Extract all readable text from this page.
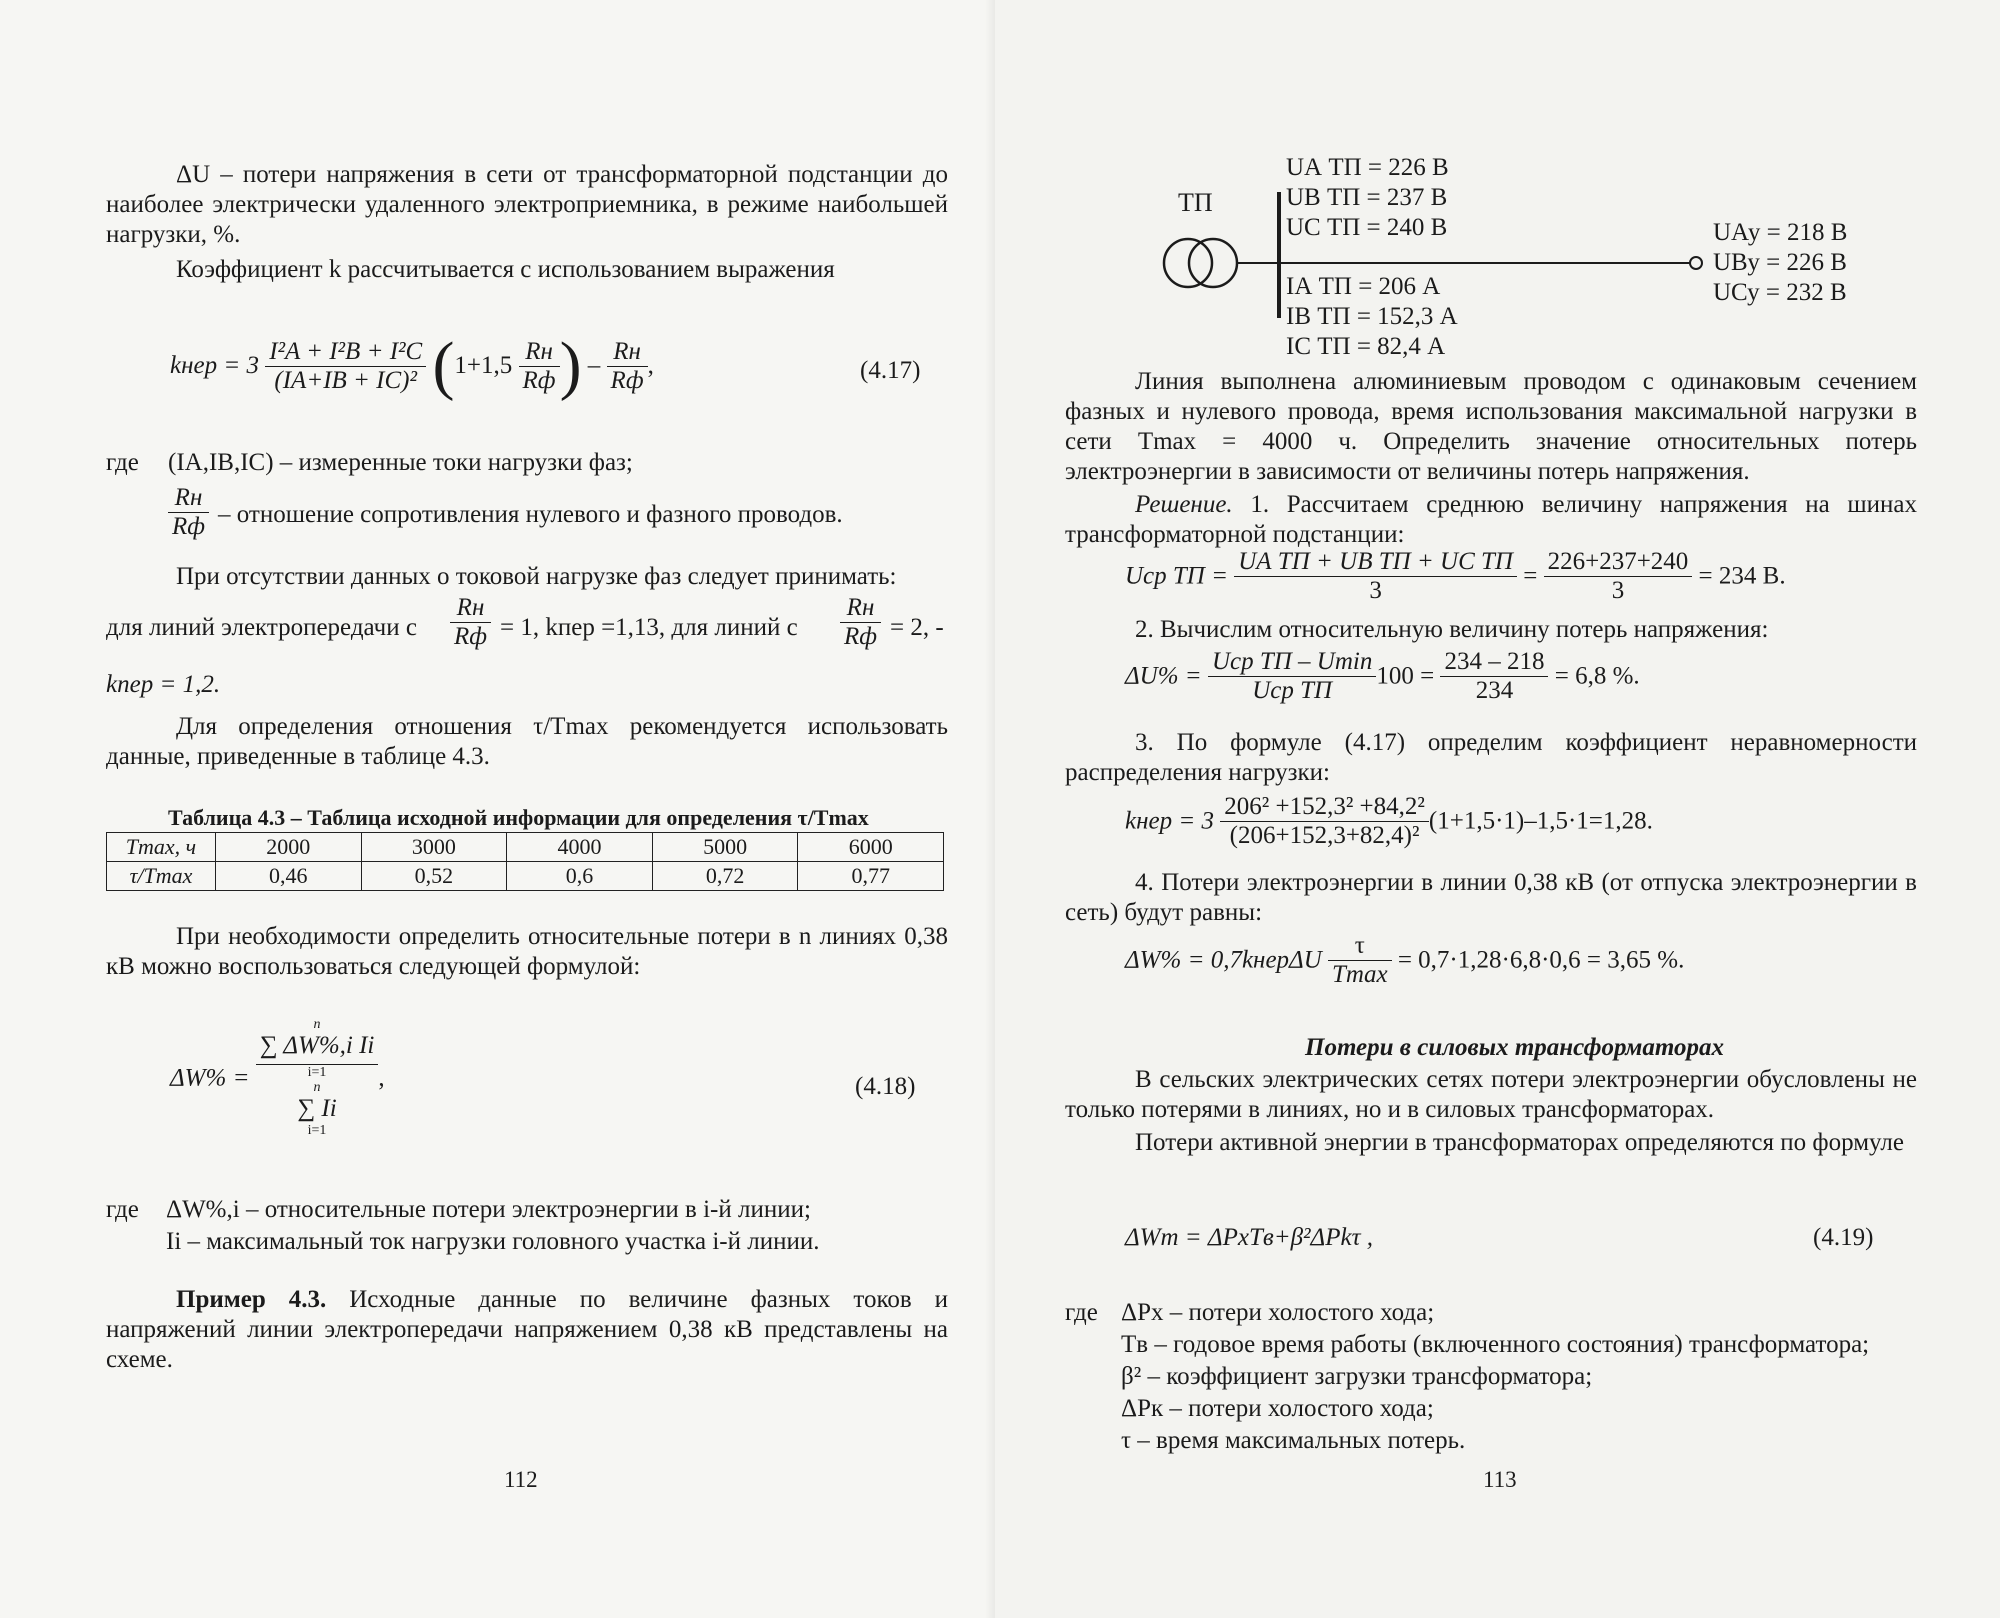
ΔU – потери напряжения в сети от трансформаторной подстанции до наиболее электрически удаленного электроприемника, в режиме наибольшей нагрузки, %.
Коэффициент k рассчитывается с использованием выражения
kнер = $3 \frac{\text{I²A + I²B + I²C}}{\text{(IA+IB + IC)²}} (1+1,5 \frac{Rн}{Rф}$ ) – $\frac{Rн}{Rф}$ ,	(4.17)
где (IA,IB,IC) – измеренные токи нагрузки фаз;
$\frac{Rн}{Rф}$ – отношение сопротивления нулевого и фазного проводов.
При отсутствии данных о токовой нагрузке фаз следует принимать:
для линий электропередачи с $\frac{Rн}{Rф} = 1$, kпер =1,13, для линий с $\frac{Rн}{Rф} = 2$, -
kпер = 1,2.
Для определения отношения τ/Tmax рекомендуется использовать данные, приведенные в таблице 4.3.
Таблица 4.3 – Таблица исходной информации для определения τ/Tmax
Tmax, ч	2000	3000	4000	5000	6000
τ/Tmax	0,46	0,52	0,6	0,72	0,77
При необходимости определить относительные потери в n линиях 0,38 кВ можно воспользоваться следующей формулой:
ΔW% =
n
∑ ΔW%,i Ii
i=1
n
∑ Ii
i=1
,	(4.18)
где ΔW%,i – относительные потери электроэнергии в i-й линии;
Ii – максимальный ток нагрузки головного участка i-й линии.
Пример 4.3. Исходные данные по величине фазных токов и напряжений линии электропередачи напряжением 0,38 кВ представлены на схеме.
112
ТП
UА ТП = 226 В
UВ ТП = 237 В
UС ТП = 240 В
IА ТП = 206 А
IВ ТП = 152,3 А
IС ТП = 82,4 А
UАу = 218 В
UВу = 226 В
UСу = 232 В
Линия выполнена алюминиевым проводом с одинаковым сечением фазных и нулевого провода, время использования максимальной нагрузки в сети Tmax = 4000 ч. Определить значение относительных потерь электроэнергии в зависимости от величины потерь напряжения.
Решение. 1. Рассчитаем среднюю величину напряжения на шинах трансформаторной подстанции:
Uср ТП = $\frac{\text{UА ТП + UВ ТП + UС ТП}}{3} = \frac{226+237+240}{3} = 234$ В.
2. Вычислим относительную величину потерь напряжения:
$\Delta U\% = \frac{\text{Uср ТП – Umin}}{\text{Uср ТП}} 100 = \frac{234 - 218}{234} = 6,8$ %.
3. По формуле (4.17) определим коэффициент неравномерности распределения нагрузки:
kнер = $3 \frac{\text{206² +152,3² +84,2²}}{\text{(206+152,3+82,4)²}} (1+1,5\cdot 1)-1,5\cdot 1=1,28$.
4. Потери электроэнергии в линии 0,38 кВ (от отпуска электроэнергии в сеть) будут равны:
ΔW% = 0,7kнерΔU $\frac{\tau}{Tmax} = 0,7\cdot 1,28\cdot 6,8\cdot 0,6 = 3,65$ %.
Потери в силовых трансформаторах
В сельских электрических сетях потери электроэнергии обусловлены не только потерями в линиях, но и в силовых трансформаторах.
Потери активной энергии в трансформаторах определяются по формуле
ΔWт = ΔPхTв+β²ΔPkτ ,	(4.19)
где ΔPх – потери холостого хода;
Tв – годовое время работы (включенного состояния) трансформатора;
β² – коэффициент загрузки трансформатора;
ΔPк – потери холостого хода;
τ – время максимальных потерь.
113
